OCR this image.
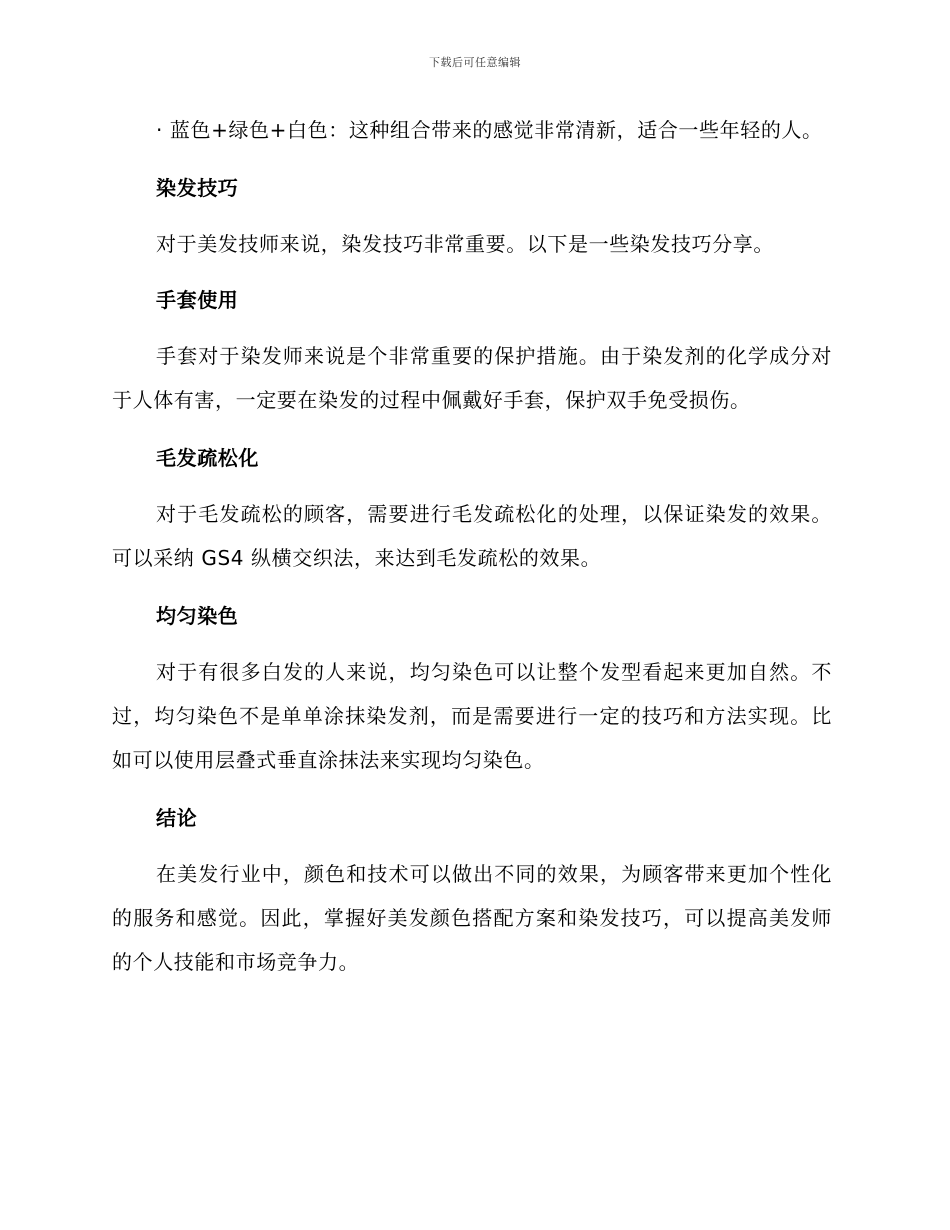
下载后可任意编辑

· 蓝色+绿色+白色：这种组合带来的感觉非常清新，适合一些年轻的人。

染发技巧

对于美发技师来说，染发技巧非常重要。以下是一些染发技巧分享。

手套使用

手套对于染发师来说是个非常重要的保护措施。由于染发剂的化学成分对于人体有害，一定要在染发的过程中佩戴好手套，保护双手免受损伤。

毛发疏松化

对于毛发疏松的顾客，需要进行毛发疏松化的处理，以保证染发的效果。可以采纳 GS4 纵横交织法，来达到毛发疏松的效果。

均匀染色

对于有很多白发的人来说，均匀染色可以让整个发型看起来更加自然。不过，均匀染色不是单单涂抹染发剂，而是需要进行一定的技巧和方法实现。比如可以使用层叠式垂直涂抹法来实现均匀染色。

结论

在美发行业中，颜色和技术可以做出不同的效果，为顾客带来更加个性化的服务和感觉。因此，掌握好美发颜色搭配方案和染发技巧，可以提高美发师的个人技能和市场竞争力。
